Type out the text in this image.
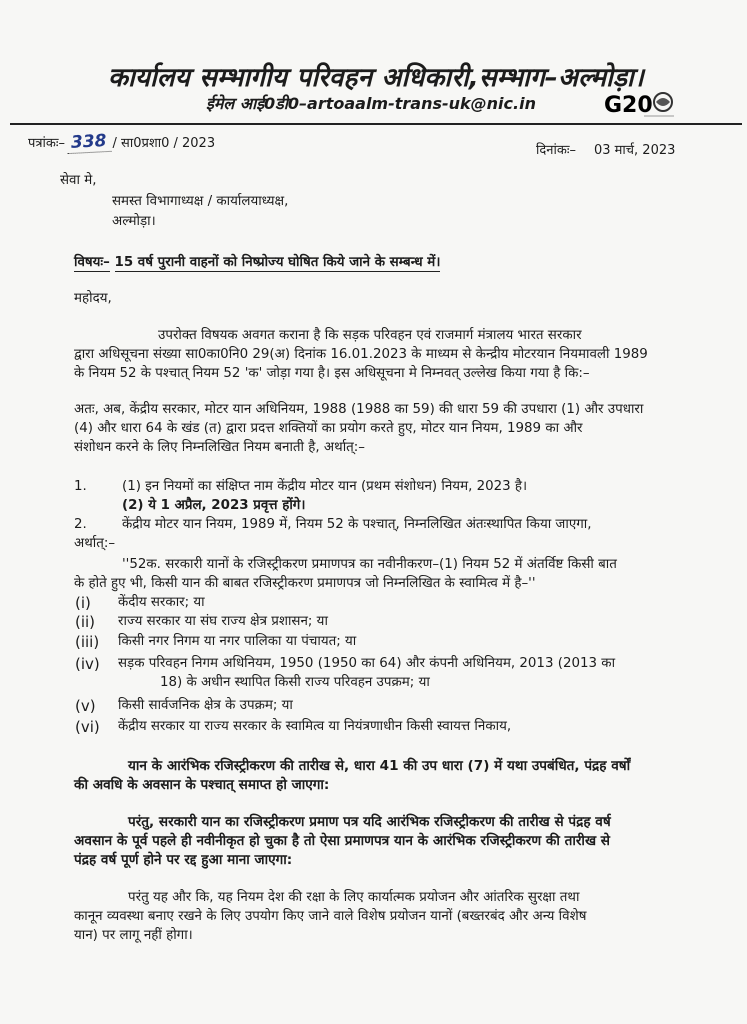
कार्यालय सम्भागीय परिवहन अधिकारी,सम्भाग–अल्मोड़ा।
ईमेल आई0डी0–artoaalm-trans-uk@nic.in	G20
पत्रांकः– 338 / सा0प्रशा0 / 2023	दिनांकः– 03 मार्च, 2023
सेवा मे,
समस्त विभागाध्यक्ष / कार्यालयाध्यक्ष,
अल्मोड़ा।
विषयः– 15 वर्ष पुरानी वाहनों को निष्प्रोज्य घोषित किये जाने के सम्बन्ध में।
महोदय,
उपरोक्त विषयक अवगत कराना है कि सड़क परिवहन एवं राजमार्ग मंत्रालय भारत सरकार
द्वारा अधिसूचना संख्या सा0का0नि0 29(अ) दिनांक 16.01.2023 के माध्यम से केन्द्रीय मोटरयान नियमावली 1989
के नियम 52 के पश्चात् नियम 52 'क' जोड़ा गया है। इस अधिसूचना मे निम्नवत् उल्लेख किया गया है कि:–
अतः, अब, केंद्रीय सरकार, मोटर यान अधिनियम, 1988 (1988 का 59) की धारा 59 की उपधारा (1) और उपधारा
(4) और धारा 64 के खंड (त) द्वारा प्रदत्त शक्तियों का प्रयोग करते हुए, मोटर यान नियम, 1989 का और
संशोधन करने के लिए निम्नलिखित नियम बनाती है, अर्थात्:–
1.	(1) इन नियमों का संक्षिप्त नाम केंद्रीय मोटर यान (प्रथम संशोधन) नियम, 2023 है।
(2) ये 1 अप्रैल, 2023 प्रवृत्त होंगे।
2.	केंद्रीय मोटर यान नियम, 1989 में, नियम 52 के पश्चात्, निम्नलिखित अंतःस्थापित किया जाएगा,
अर्थात्:–
''52क. सरकारी यानों के रजिस्ट्रीकरण प्रमाणपत्र का नवीनीकरण–(1) नियम 52 में अंतर्विष्ट किसी बात
के होते हुए भी, किसी यान की बाबत रजिस्ट्रीकरण प्रमाणपत्र जो निम्नलिखित के स्वामित्व में है–''
(i) केंदीय सरकार; या
(ii) राज्य सरकार या संघ राज्य क्षेत्र प्रशासन; या
(iii) किसी नगर निगम या नगर पालिका या पंचायत; या
(iv) सड़क परिवहन निगम अधिनियम, 1950 (1950 का 64) और कंपनी अधिनियम, 2013 (2013 का
18) के अधीन स्थापित किसी राज्य परिवहन उपक्रम; या
(v) किसी सार्वजनिक क्षेत्र के उपक्रम; या
(vi) केंद्रीय सरकार या राज्य सरकार के स्वामित्व या नियंत्रणाधीन किसी स्वायत्त निकाय,
यान के आरंभिक रजिस्ट्रीकरण की तारीख से, धारा 41 की उप धारा (7) में यथा उपबंधित, पंद्रह वर्षों
की अवधि के अवसान के पश्चात् समाप्त हो जाएगा:
परंतु, सरकारी यान का रजिस्ट्रीकरण प्रमाण पत्र यदि आरंभिक रजिस्ट्रीकरण की तारीख से पंद्रह वर्ष
अवसान के पूर्व पहले ही नवीनीकृत हो चुका है तो ऐसा प्रमाणपत्र यान के आरंभिक रजिस्ट्रीकरण की तारीख से
पंद्रह वर्ष पूर्ण होने पर रद्द हुआ माना जाएगा:
परंतु यह और कि, यह नियम देश की रक्षा के लिए कार्यात्मक प्रयोजन और आंतरिक सुरक्षा तथा
कानून व्यवस्था बनाए रखने के लिए उपयोग किए जाने वाले विशेष प्रयोजन यानों (बख्तरबंद और अन्य विशेष
यान) पर लागू नहीं होगा।
